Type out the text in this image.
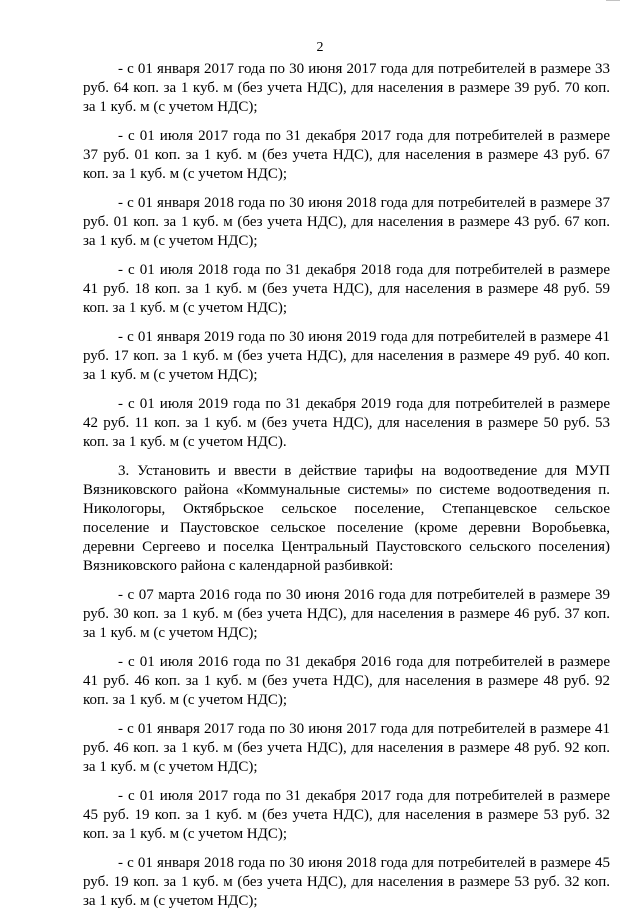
2

- с 01 января 2017 года по 30 июня 2017 года для потребителей в размере 33 руб. 64 коп. за 1 куб. м (без учета НДС), для населения в размере 39 руб. 70 коп. за 1 куб. м (с учетом НДС);

- с 01 июля 2017 года по 31 декабря 2017 года для потребителей в размере 37 руб. 01 коп. за 1 куб. м (без учета НДС), для населения в размере 43 руб. 67 коп. за 1 куб. м (с учетом НДС);

- с 01 января 2018 года по 30 июня 2018 года для потребителей в размере 37 руб. 01 коп. за 1 куб. м (без учета НДС), для населения в размере 43 руб. 67 коп. за 1 куб. м (с учетом НДС);

- с 01 июля 2018 года по 31 декабря 2018 года для потребителей в размере 41 руб. 18 коп. за 1 куб. м (без учета НДС), для населения в размере 48 руб. 59 коп. за 1 куб. м (с учетом НДС);

- с 01 января 2019 года по 30 июня 2019 года для потребителей в размере 41 руб. 17 коп. за 1 куб. м (без учета НДС), для населения в размере 49 руб. 40 коп. за 1 куб. м (с учетом НДС);

- с 01 июля 2019 года по 31 декабря 2019 года для потребителей в размере 42 руб. 11 коп. за 1 куб. м (без учета НДС), для населения в размере 50 руб. 53 коп. за 1 куб. м (с учетом НДС).

3. Установить и ввести в действие тарифы на водоотведение для МУП Вязниковского района «Коммунальные системы» по системе водоотведения п. Никологоры, Октябрьское сельское поселение, Степанцевское сельское поселение и Паустовское сельское поселение (кроме деревни Воробьевка, деревни Сергеево и поселка Центральный Паустовского сельского поселения) Вязниковского района с календарной разбивкой:

- с 07 марта 2016 года по 30 июня 2016 года для потребителей в размере 39 руб. 30 коп. за 1 куб. м (без учета НДС), для населения в размере 46 руб. 37 коп. за 1 куб. м (с учетом НДС);

- с 01 июля 2016 года по 31 декабря 2016 года для потребителей в размере 41 руб. 46 коп. за 1 куб. м (без учета НДС), для населения в размере 48 руб. 92 коп. за 1 куб. м (с учетом НДС);

- с 01 января 2017 года по 30 июня 2017 года для потребителей в размере 41 руб. 46 коп. за 1 куб. м (без учета НДС), для населения в размере 48 руб. 92 коп. за 1 куб. м (с учетом НДС);

- с 01 июля 2017 года по 31 декабря 2017 года для потребителей в размере 45 руб. 19 коп. за 1 куб. м (без учета НДС), для населения в размере 53 руб. 32 коп. за 1 куб. м (с учетом НДС);

- с 01 января 2018 года по 30 июня 2018 года для потребителей в размере 45 руб. 19 коп. за 1 куб. м (без учета НДС), для населения в размере 53 руб. 32 коп. за 1 куб. м (с учетом НДС);
